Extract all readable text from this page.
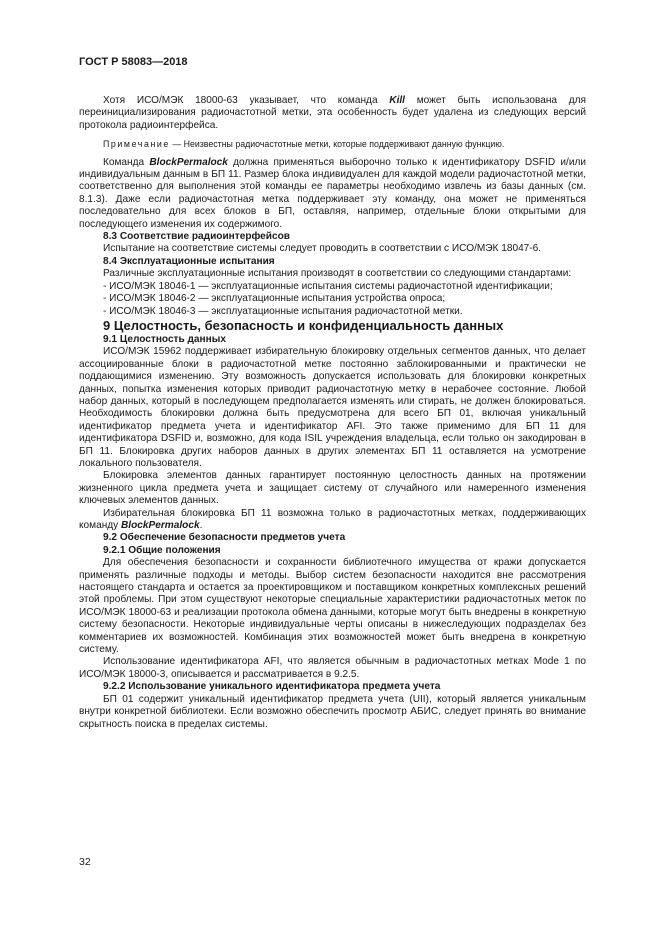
ГОСТ Р 58083—2018

Хотя ИСО/МЭК 18000-63 указывает, что команда Kill может быть использована для переинициализирования радиочастотной метки, эта особенность будет удалена из следующих версий протокола радиоинтерфейса.

Примечание — Неизвестны радиочастотные метки, которые поддерживают данную функцию.

Команда BlockPermalock должна применяться выборочно только к идентификатору DSFID и/или индивидуальным данным в БП 11. Размер блока индивидуален для каждой модели радиочастотной метки, соответственно для выполнения этой команды ее параметры необходимо извлечь из базы данных (см. 8.1.3). Даже если радиочастотная метка поддерживает эту команду, она может не применяться последовательно для всех блоков в БП, оставляя, например, отдельные блоки открытыми для последующего изменения их содержимого.

8.3 Соответствие радиоинтерфейсов

Испытание на соответствие системы следует проводить в соответствии с ИСО/МЭК 18047-6.

8.4 Эксплуатационные испытания

Различные эксплуатационные испытания производят в соответствии со следующими стандартами:

- ИСО/МЭК 18046-1 — эксплуатационные испытания системы радиочастотной идентификации;

- ИСО/МЭК 18046-2 — эксплуатационные испытания устройства опроса;

- ИСО/МЭК 18046-3 — эксплуатационные испытания радиочастотной метки.

9 Целостность, безопасность и конфиденциальность данных

9.1 Целостность данных

ИСО/МЭК 15962 поддерживает избирательную блокировку отдельных сегментов данных, что делает ассоциированные блоки в радиочастотной метке постоянно заблокированными и практически не поддающимися изменению. Эту возможность допускается использовать для блокировки конкретных данных, попытка изменения которых приводит радиочастотную метку в нерабочее состояние. Любой набор данных, который в последующем предполагается изменять или стирать, не должен блокироваться. Необходимость блокировки должна быть предусмотрена для всего БП 01, включая уникальный идентификатор предмета учета и идентификатор AFI. Это также применимо для БП 11 для идентификатора DSFID и, возможно, для кода ISIL учреждения владельца, если только он закодирован в БП 11. Блокировка других наборов данных в других элементах БП 11 оставляется на усмотрение локального пользователя.

Блокировка элементов данных гарантирует постоянную целостность данных на протяжении жизненного цикла предмета учета и защищает систему от случайного или намеренного изменения ключевых элементов данных.

Избирательная блокировка БП 11 возможна только в радиочастотных метках, поддерживающих команду BlockPermalock.

9.2 Обеспечение безопасности предметов учета

9.2.1 Общие положения

Для обеспечения безопасности и сохранности библиотечного имущества от кражи допускается применять различные подходы и методы. Выбор систем безопасности находится вне рассмотрения настоящего стандарта и остается за проектировщиком и поставщиком конкретных комплексных решений этой проблемы. При этом существуют некоторые специальные характеристики радиочастотных меток по ИСО/МЭК 18000-63 и реализации протокола обмена данными, которые могут быть внедрены в конкретную систему безопасности. Некоторые индивидуальные черты описаны в нижеследующих подразделах без комментариев их возможностей. Комбинация этих возможностей может быть внедрена в конкретную систему.

Использование идентификатора AFI, что является обычным в радиочастотных метках Mode 1 по ИСО/МЭК 18000-3, описывается и рассматривается в 9.2.5.

9.2.2 Использование уникального идентификатора предмета учета

БП 01 содержит уникальный идентификатор предмета учета (UII), который является уникальным внутри конкретной библиотеки. Если возможно обеспечить просмотр АБИС, следует принять во внимание скрытность поиска в пределах системы.

32
